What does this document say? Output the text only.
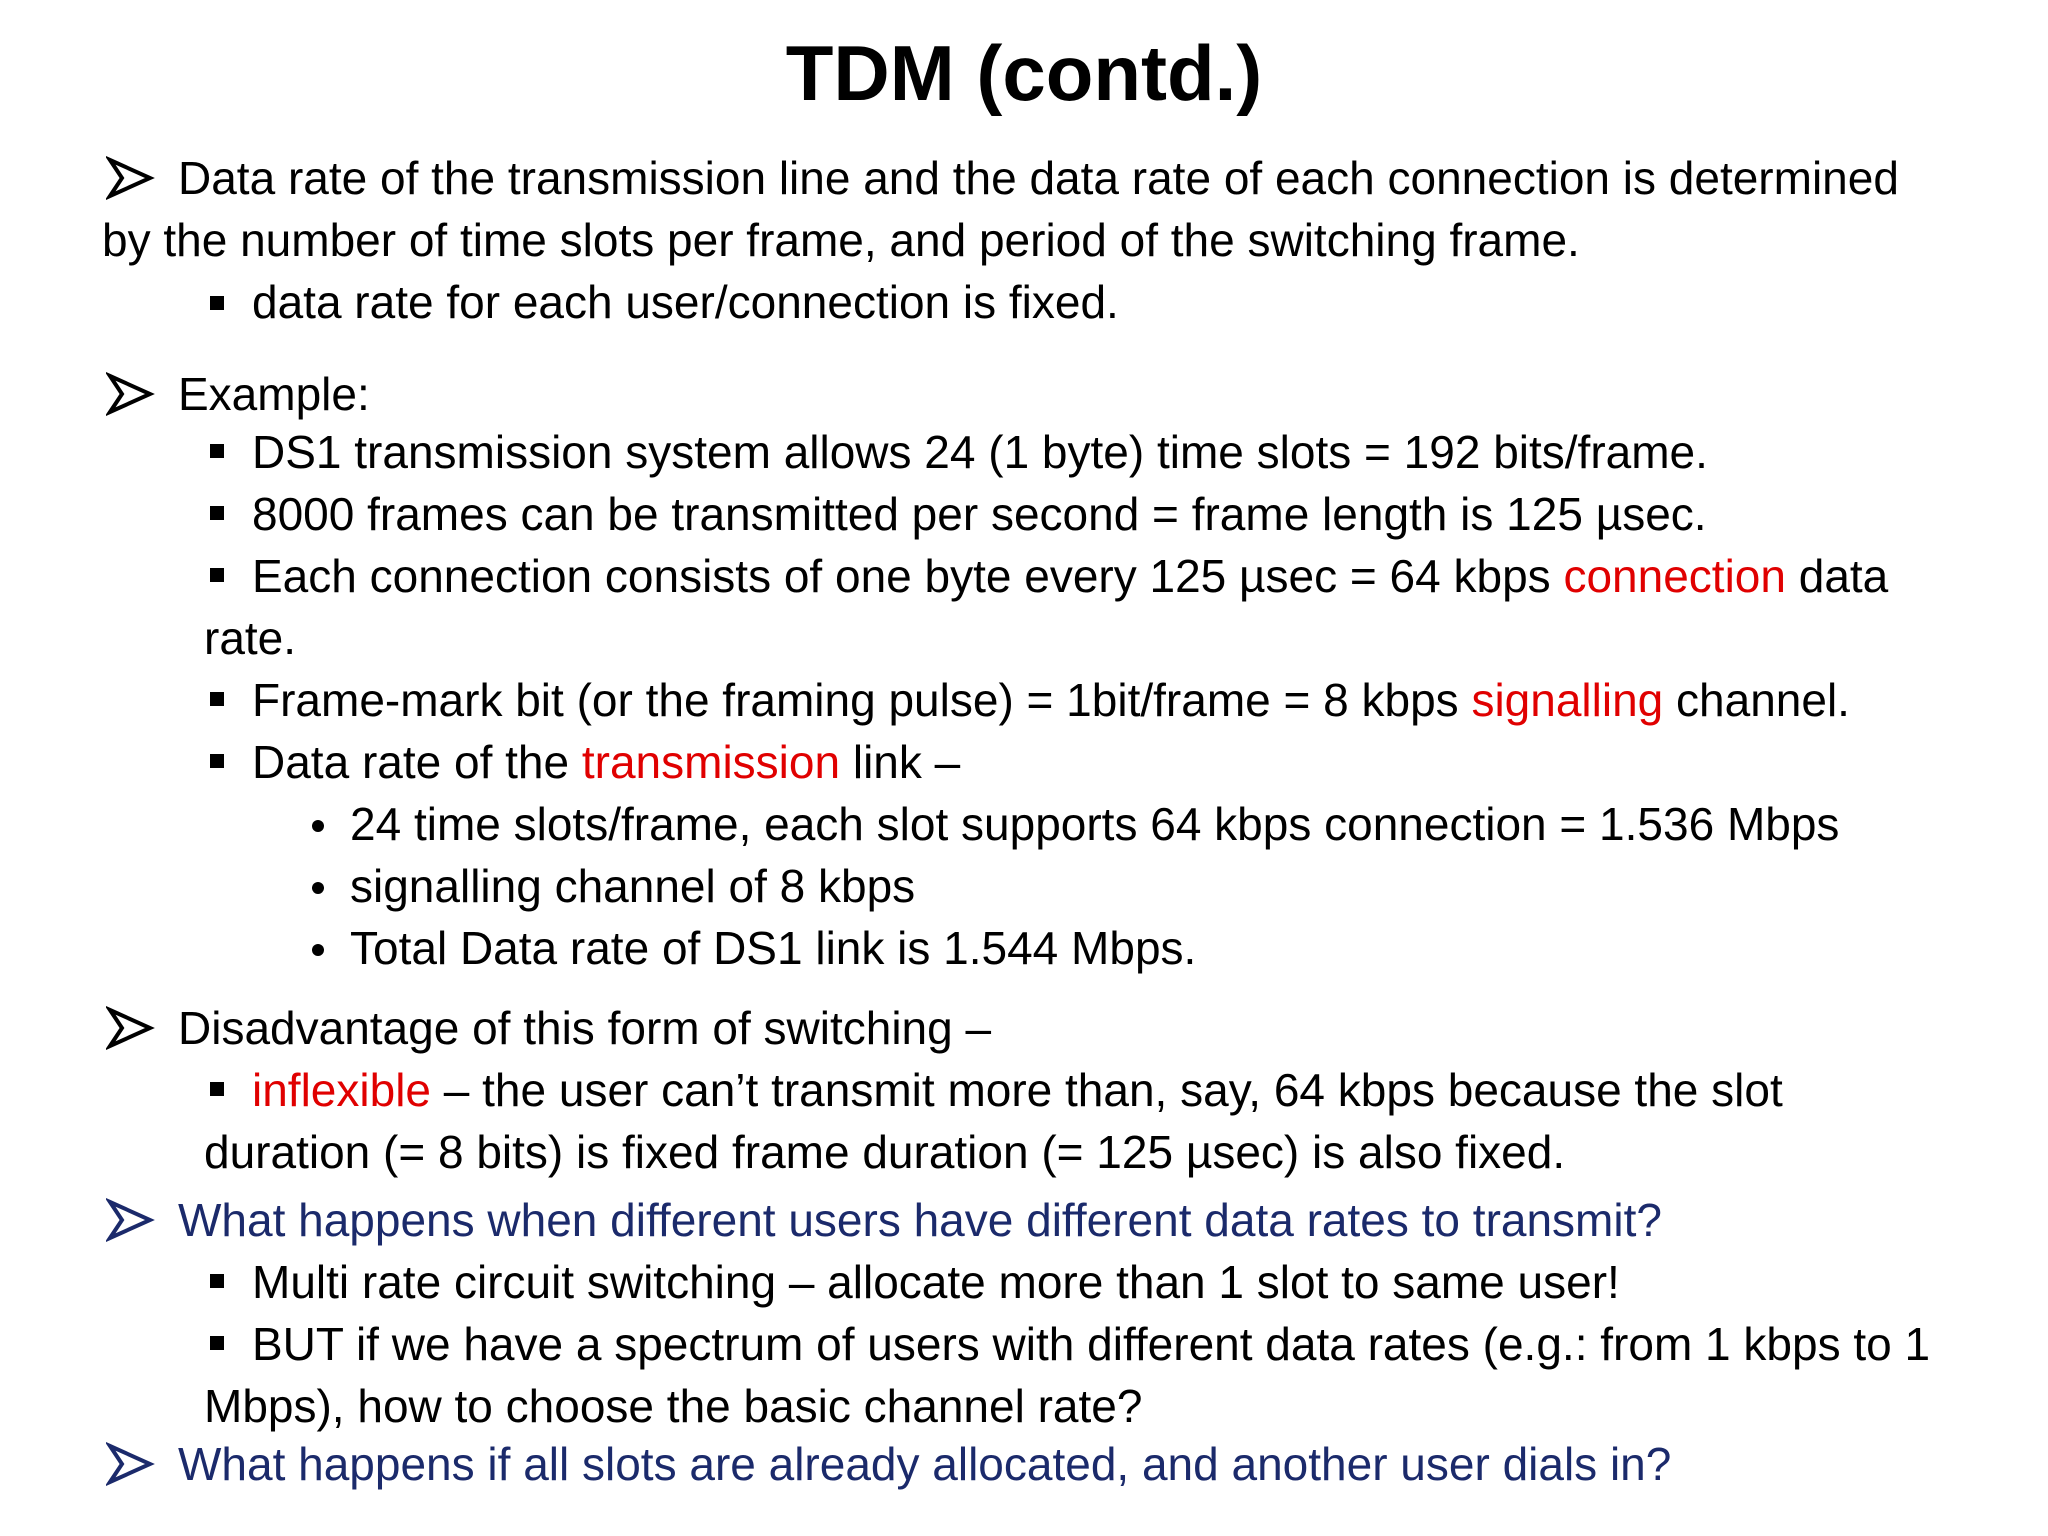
TDM (contd.)
Data rate of the transmission line and the data rate of each connection is determined
by the number of time slots per frame, and period of the switching frame.
data rate for each user/connection is fixed.
Example:
DS1 transmission system allows 24 (1 byte) time slots = 192 bits/frame.
8000 frames can be transmitted per second = frame length is 125 µsec.
Each connection consists of one byte every 125 µsec = 64 kbps connection data
rate.
Frame-mark bit (or the framing pulse) = 1bit/frame = 8 kbps signalling channel.
Data rate of the transmission link –
24 time slots/frame, each slot supports 64 kbps connection = 1.536 Mbps
signalling channel of 8 kbps
Total Data rate of DS1 link is 1.544 Mbps.
Disadvantage of this form of switching –
inflexible – the user can’t transmit more than, say, 64 kbps because the slot
duration (= 8 bits) is fixed frame duration (= 125 µsec) is also fixed.
What happens when different users have different data rates to transmit?
Multi rate circuit switching – allocate more than 1 slot to same user!
BUT if we have a spectrum of users with different data rates (e.g.: from 1 kbps to 1
Mbps), how to choose the basic channel rate?
What happens if all slots are already allocated, and another user dials in?
